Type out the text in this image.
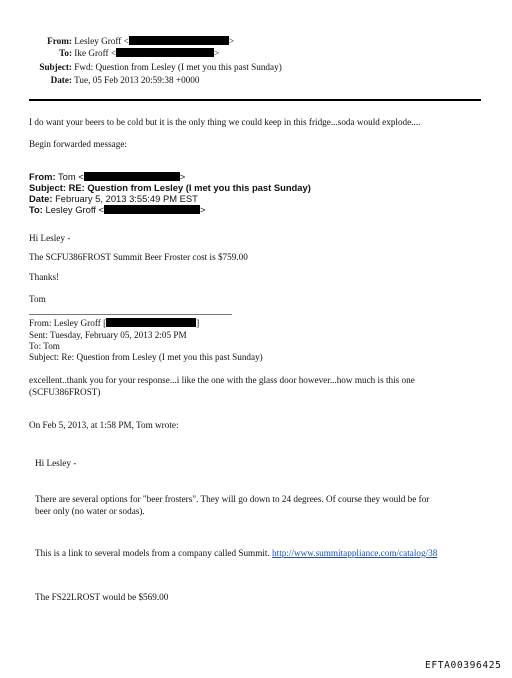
From: Lesley Groff <	>
To: Ike Groff <	>
Subject: Fwd: Question from Lesley (I met you this past Sunday)
Date: Tue, 05 Feb 2013 20:59:38 +0000
I do want your beers to be cold but it is the only thing we could keep in this fridge...soda would explode....
Begin forwarded message:
From: Tom <	>
Subject: RE: Question from Lesley (I met you this past Sunday)
Date: February 5, 2013 3:55:49 PM EST
To: Lesley Groff <	>
Hi Lesley -
The SCFU386FROST Summit Beer Froster cost is $759.00
Thanks!
Tom
From: Lesley Groff [	]
Sent: Tuesday, February 05, 2013 2:05 PM
To: Tom
Subject: Re: Question from Lesley (I met you this past Sunday)
excellent..thank you for your response...i like the one with the glass door however...how much is this one
(SCFU386FROST)
On Feb 5, 2013, at 1:58 PM, Tom wrote:
Hi Lesley -
There are several options for "beer frosters". They will go down to 24 degrees. Of course they would be for
beer only (no water or sodas).
This is a link to several models from a company called Summit. http://www.summitappliance.com/catalog/38
The FS22LROST would be $569.00
EFTA00396425
